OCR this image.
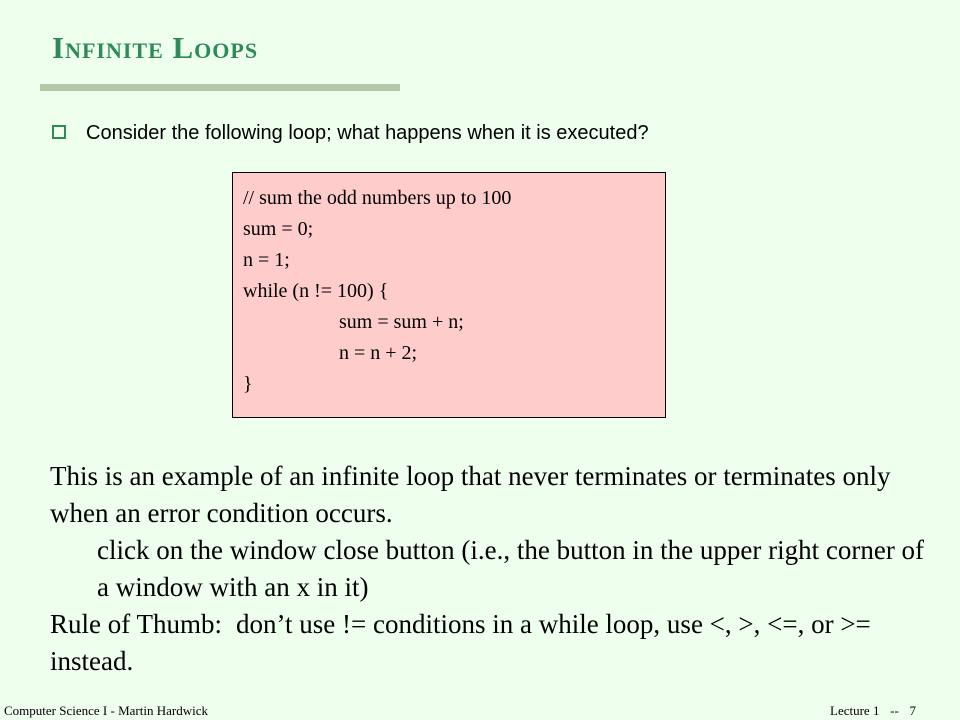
Infinite Loops
Consider the following loop; what happens when it is executed?
// sum the odd numbers up to 100
sum = 0;
n = 1;
while (n != 100) {
sum = sum + n;
n = n + 2;
}

This is an example of an infinite loop that never terminates or terminates only when an error condition occurs.

click on the window close button (i.e., the button in the upper right corner of a window with an x in it)

Rule of Thumb: don’t use != conditions in a while loop, use <, >, <=, or >= instead.

Computer Science I - Martin Hardwick	Lecture 1 -- 7
